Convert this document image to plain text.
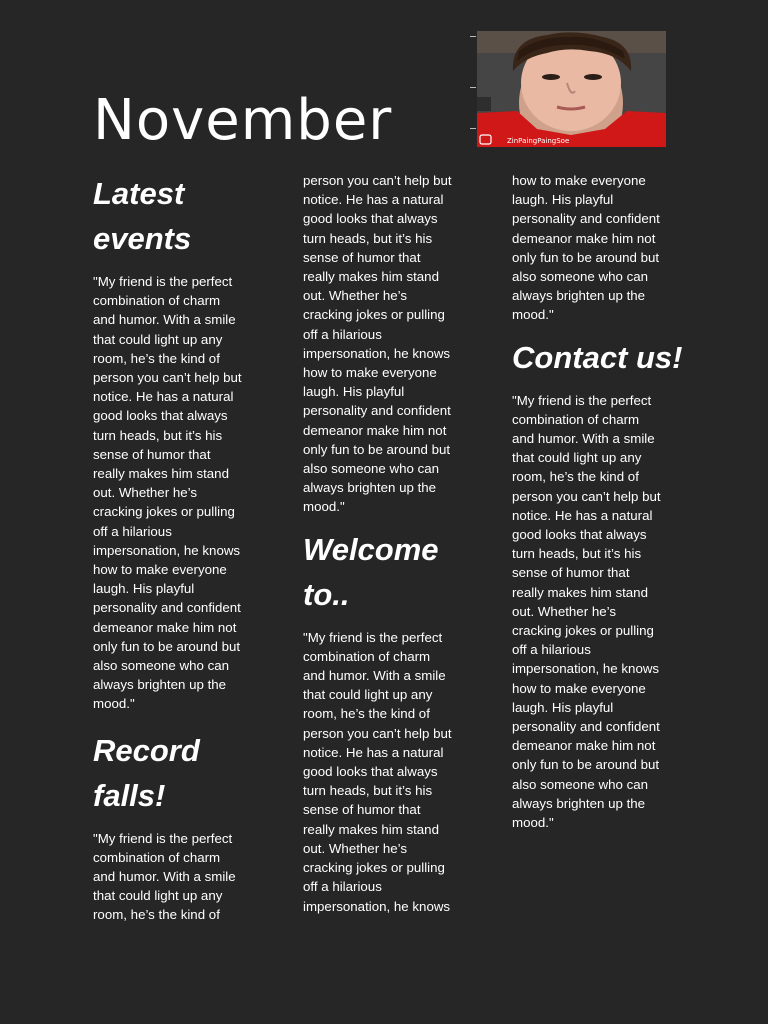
November	ZinPaingPaingSoe
Latest events

"My friend is the perfect
combination of charm
and humor. With a smile
that could light up any
room, he’s the kind of
person you can’t help but
notice. He has a natural
good looks that always
turn heads, but it’s his
sense of humor that
really makes him stand
out. Whether he’s
cracking jokes or pulling
off a hilarious
impersonation, he knows
how to make everyone
laugh. His playful
personality and confident
demeanor make him not
only fun to be around but
also someone who can
always brighten up the
mood."

Record falls!

"My friend is the perfect
combination of charm
and humor. With a smile
that could light up any
room, he’s the kind of

person you can’t help but
notice. He has a natural
good looks that always
turn heads, but it’s his
sense of humor that
really makes him stand
out. Whether he’s
cracking jokes or pulling
off a hilarious
impersonation, he knows
how to make everyone
laugh. His playful
personality and confident
demeanor make him not
only fun to be around but
also someone who can
always brighten up the
mood."

Welcome to..

"My friend is the perfect
combination of charm
and humor. With a smile
that could light up any
room, he’s the kind of
person you can’t help but
notice. He has a natural
good looks that always
turn heads, but it’s his
sense of humor that
really makes him stand
out. Whether he’s
cracking jokes or pulling
off a hilarious
impersonation, he knows

how to make everyone
laugh. His playful
personality and confident
demeanor make him not
only fun to be around but
also someone who can
always brighten up the
mood."

Contact us!

"My friend is the perfect
combination of charm
and humor. With a smile
that could light up any
room, he’s the kind of
person you can’t help but
notice. He has a natural
good looks that always
turn heads, but it’s his
sense of humor that
really makes him stand
out. Whether he’s
cracking jokes or pulling
off a hilarious
impersonation, he knows
how to make everyone
laugh. His playful
personality and confident
demeanor make him not
only fun to be around but
also someone who can
always brighten up the
mood."
